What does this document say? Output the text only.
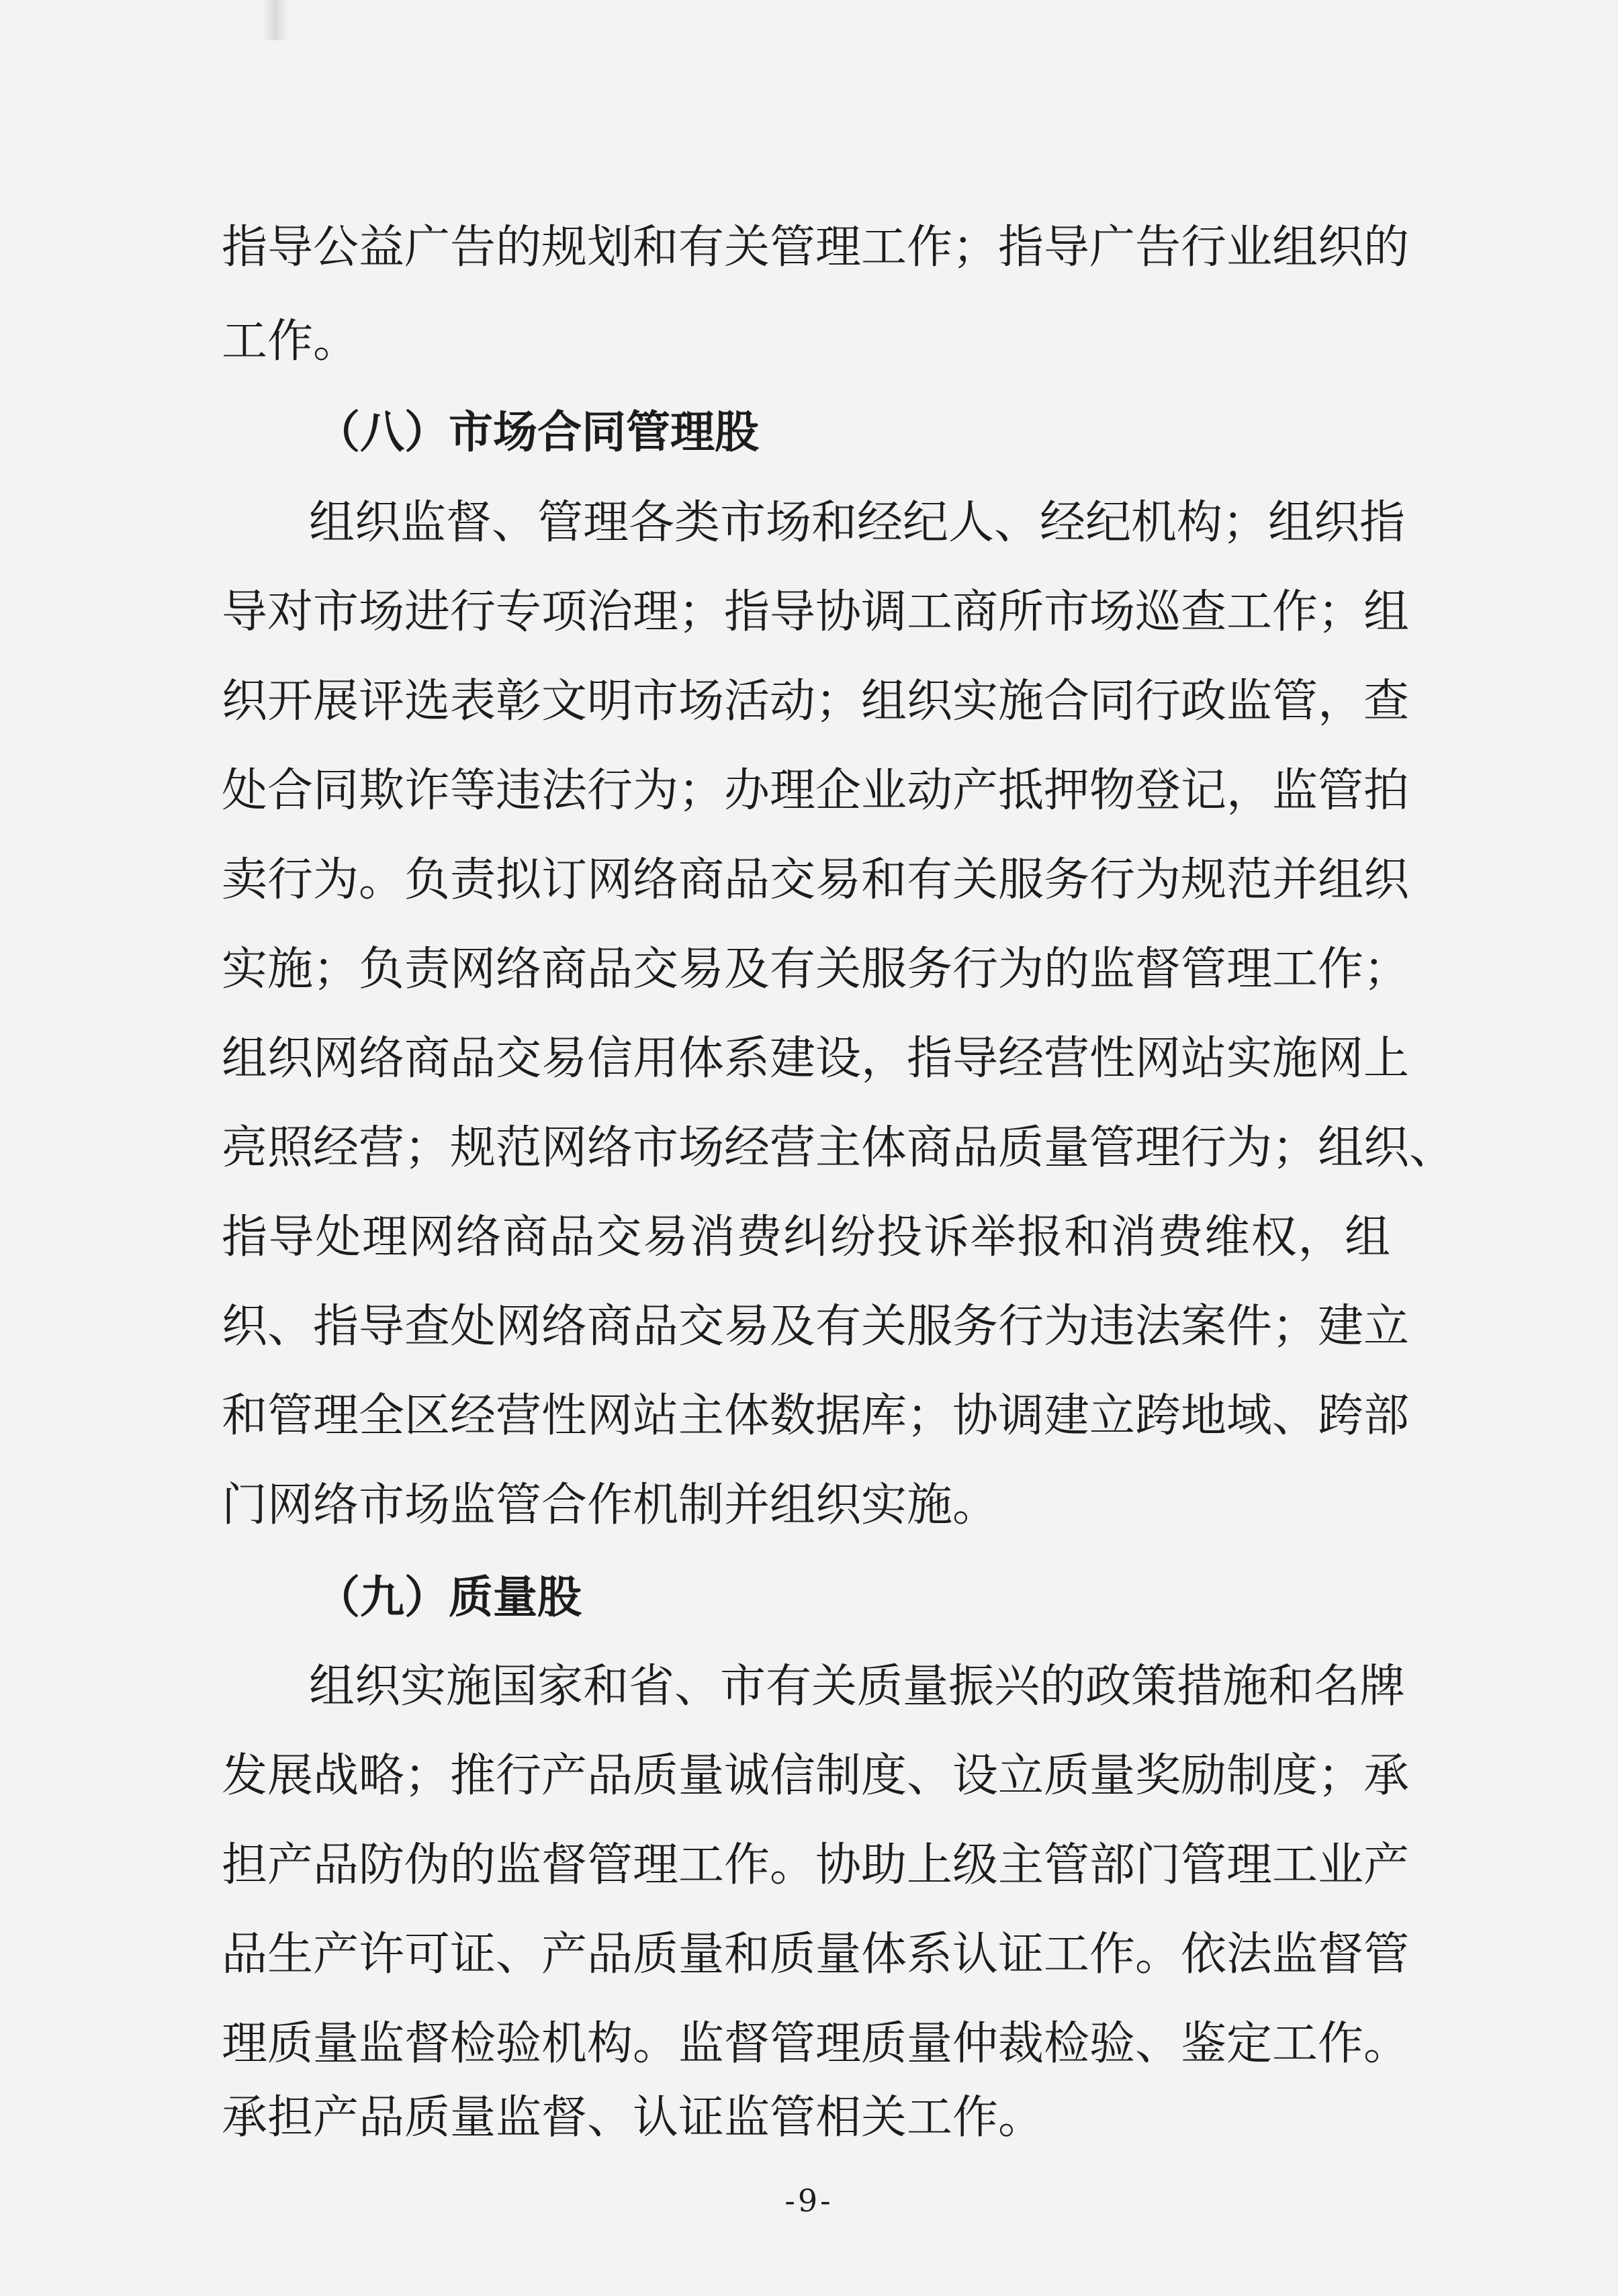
指导公益广告的规划和有关管理工作；指导广告行业组织的
工作。
（八）市场合同管理股
组织监督、管理各类市场和经纪人、经纪机构；组织指
导对市场进行专项治理；指导协调工商所市场巡查工作；组
织开展评选表彰文明市场活动；组织实施合同行政监管，查
处合同欺诈等违法行为；办理企业动产抵押物登记，监管拍
卖行为。负责拟订网络商品交易和有关服务行为规范并组织
实施；负责网络商品交易及有关服务行为的监督管理工作；
组织网络商品交易信用体系建设，指导经营性网站实施网上
亮照经营；规范网络市场经营主体商品质量管理行为；组织、
指导处理网络商品交易消费纠纷投诉举报和消费维权，组
织、指导查处网络商品交易及有关服务行为违法案件；建立
和管理全区经营性网站主体数据库；协调建立跨地域、跨部
门网络市场监管合作机制并组织实施。
（九）质量股
组织实施国家和省、市有关质量振兴的政策措施和名牌
发展战略；推行产品质量诚信制度、设立质量奖励制度；承
担产品防伪的监督管理工作。协助上级主管部门管理工业产
品生产许可证、产品质量和质量体系认证工作。依法监督管
理质量监督检验机构。监督管理质量仲裁检验、鉴定工作。
承担产品质量监督、认证监管相关工作。
-9-
